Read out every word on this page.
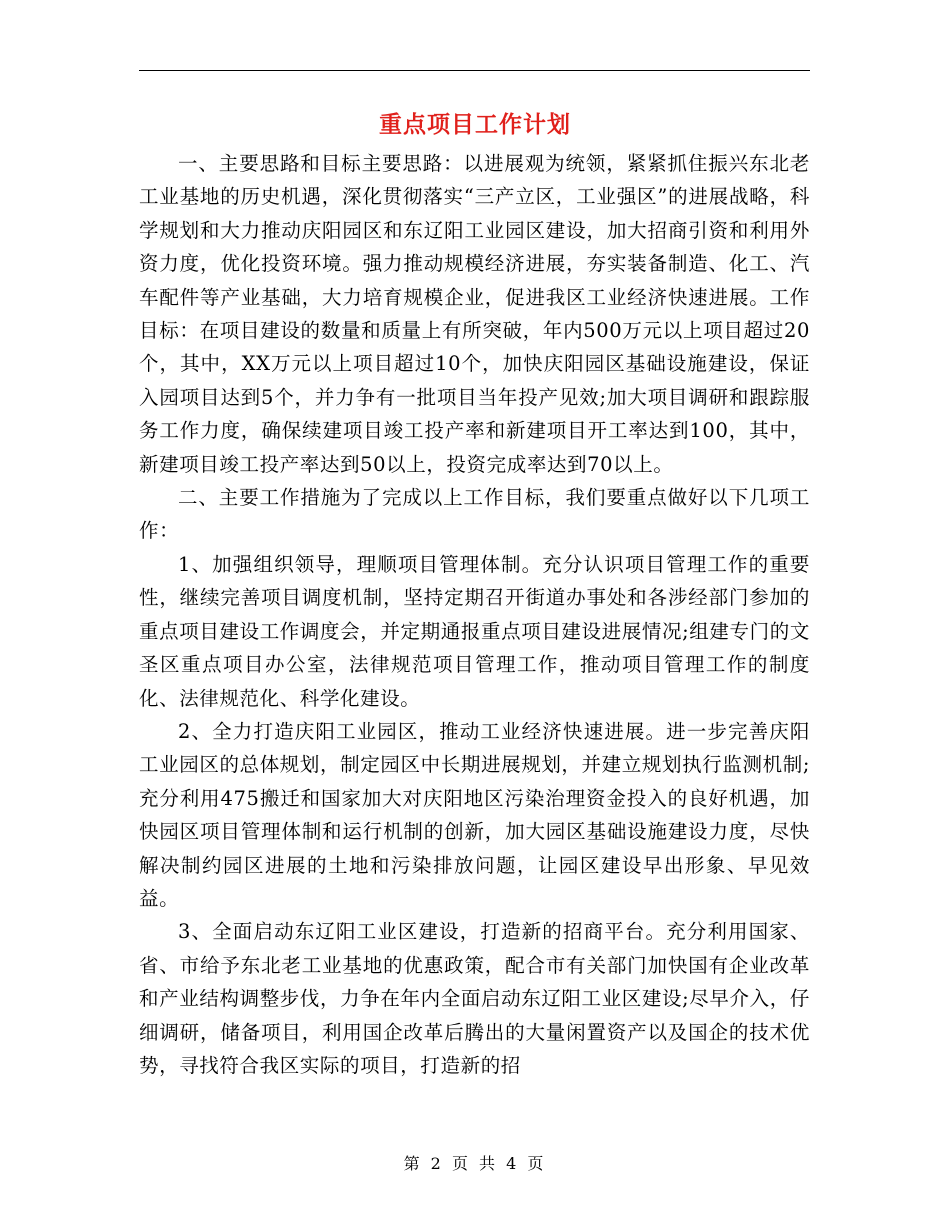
重点项目工作计划

一、主要思路和目标主要思路：以进展观为统领，紧紧抓住振兴东北老工业基地的历史机遇，深化贯彻落实“三产立区，工业强区”的进展战略，科学规划和大力推动庆阳园区和东辽阳工业园区建设，加大招商引资和利用外资力度，优化投资环境。强力推动规模经济进展，夯实装备制造、化工、汽车配件等产业基础，大力培育规模企业，促进我区工业经济快速进展。工作目标：在项目建设的数量和质量上有所突破，年内500万元以上项目超过20个，其中，XX万元以上项目超过10个，加快庆阳园区基础设施建设，保证入园项目达到5个，并力争有一批项目当年投产见效;加大项目调研和跟踪服务工作力度，确保续建项目竣工投产率和新建项目开工率达到100，其中，新建项目竣工投产率达到50以上，投资完成率达到70以上。

二、主要工作措施为了完成以上工作目标，我们要重点做好以下几项工作：

1、加强组织领导，理顺项目管理体制。充分认识项目管理工作的重要性，继续完善项目调度机制，坚持定期召开街道办事处和各涉经部门参加的重点项目建设工作调度会，并定期通报重点项目建设进展情况;组建专门的文圣区重点项目办公室，法律规范项目管理工作，推动项目管理工作的制度化、法律规范化、科学化建设。

2、全力打造庆阳工业园区，推动工业经济快速进展。进一步完善庆阳工业园区的总体规划，制定园区中长期进展规划，并建立规划执行监测机制;充分利用475搬迁和国家加大对庆阳地区污染治理资金投入的良好机遇，加快园区项目管理体制和运行机制的创新，加大园区基础设施建设力度，尽快解决制约园区进展的土地和污染排放问题，让园区建设早出形象、早见效益。

3、全面启动东辽阳工业区建设，打造新的招商平台。充分利用国家、省、市给予东北老工业基地的优惠政策，配合市有关部门加快国有企业改革和产业结构调整步伐，力争在年内全面启动东辽阳工业区建设;尽早介入，仔细调研，储备项目，利用国企改革后腾出的大量闲置资产以及国企的技术优势，寻找符合我区实际的项目，打造新的招

第 2 页 共 4 页
